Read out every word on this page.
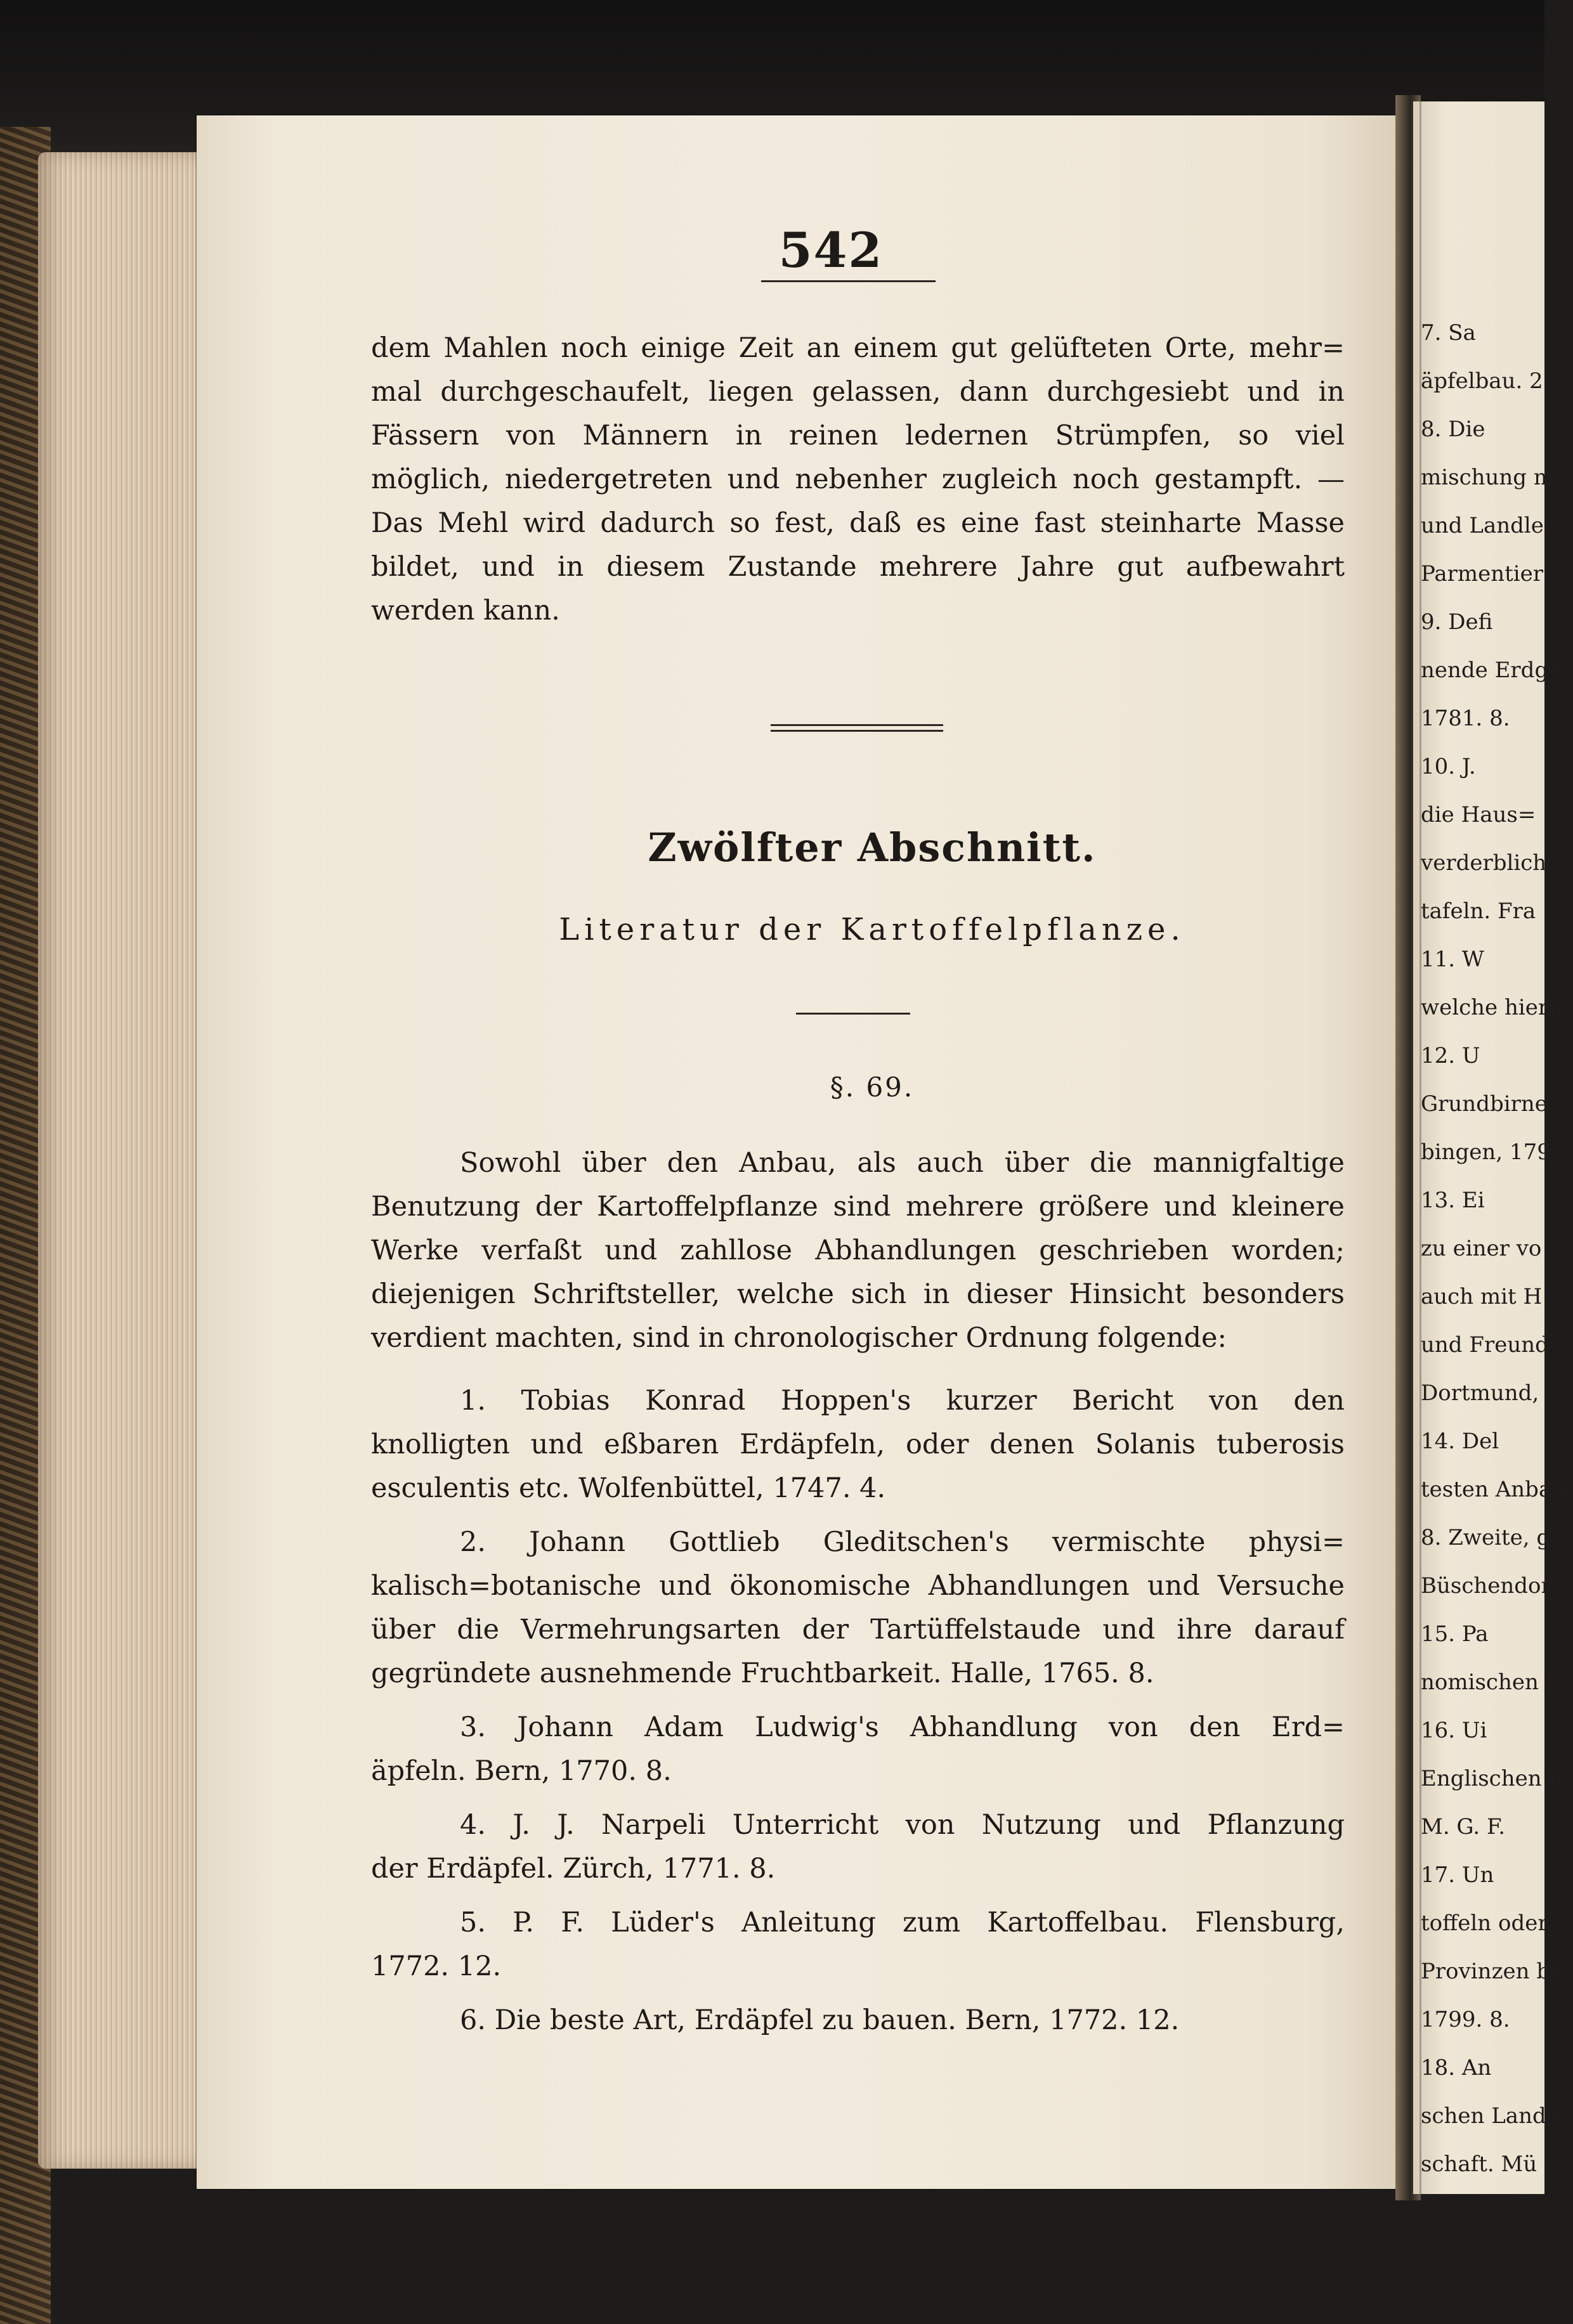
542
dem Mahlen noch einige Zeit an einem gut gelüfteten Orte, mehr=
mal durchgeschaufelt, liegen gelassen, dann durchgesiebt und in
Fässern von Männern in reinen ledernen Strümpfen, so viel
möglich, niedergetreten und nebenher zugleich noch gestampft. —
Das Mehl wird dadurch so fest, daß es eine fast steinharte Masse
bildet, und in diesem Zustande mehrere Jahre gut aufbewahrt
werden kann.
Zwölfter Abschnitt.
Literatur der Kartoffelpflanze.
§. 69.
Sowohl über den Anbau, als auch über die mannigfaltige
Benutzung der Kartoffelpflanze sind mehrere größere und kleinere
Werke verfaßt und zahllose Abhandlungen geschrieben worden;
diejenigen Schriftsteller, welche sich in dieser Hinsicht besonders
verdient machten, sind in chronologischer Ordnung folgende:
1. Tobias Konrad Hoppen's kurzer Bericht von den
knolligten und eßbaren Erdäpfeln, oder denen Solanis tuberosis
esculentis etc. Wolfenbüttel, 1747. 4.
2. Johann Gottlieb Gleditschen's vermischte physi=
kalisch=botanische und ökonomische Abhandlungen und Versuche
über die Vermehrungsarten der Tartüffelstaude und ihre darauf
gegründete ausnehmende Fruchtbarkeit. Halle, 1765. 8.
3. Johann Adam Ludwig's Abhandlung von den Erd=
äpfeln. Bern, 1770. 8.
4. J. J. Narpeli Unterricht von Nutzung und Pflanzung
der Erdäpfel. Zürch, 1771. 8.
5. P. F. Lüder's Anleitung zum Kartoffelbau. Flensburg,
1772. 12.
6. Die beste Art, Erdäpfel zu bauen. Bern, 1772. 12.
7. Sa
äpfelbau. 2
8. Die
mischung mit
und Landleu
Parmentier
9. Defi
nende Erdge
1781. 8.
10. J.
die Haus=
verderblichen
tafeln. Fra
11. W
welche hierb
12. U
Grundbirne
bingen, 179
13. Ei
zu einer vo
auch mit H
und Freunde
Dortmund,
14. Del
testen Anbau
8. Zweite, g
Büschendorf
15. Pa
nomischen Ei
16. Ui
Englischen ü
M. G. F.
17. Un
toffeln oder
Provinzen be
1799. 8.
18. An
schen Landm
schaft. Mü
